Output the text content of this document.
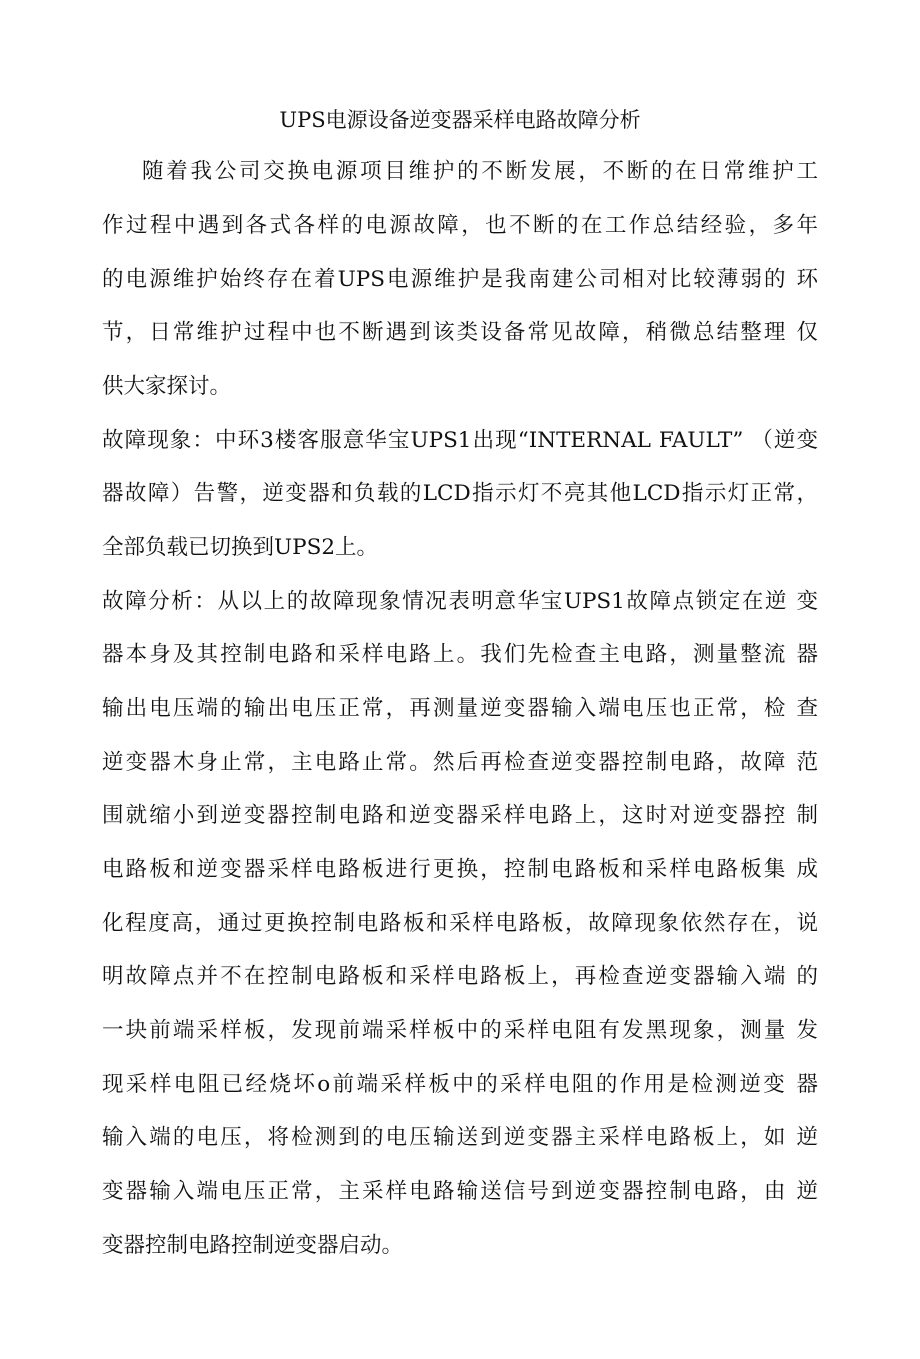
UPS电源设备逆变器采样电路故障分析
随着我公司交换电源项目维护的不断发展，不断的在日常维护工
作过程中遇到各式各样的电源故障，也不断的在工作总结经验，多年
的电源维护始终存在着UPS电源维护是我南建公司相对比较薄弱的 环
节，日常维护过程中也不断遇到该类设备常见故障，稍微总结整理 仅
供大家探讨。
故障现象：中环3楼客服意华宝UPS1出现“INTERNAL FAULT” （逆变
器故障）告警，逆变器和负载的LCD指示灯不亮其他LCD指示灯正常，
全部负载已切换到UPS2上。
故障分析：从以上的故障现象情况表明意华宝UPS1故障点锁定在逆 变
器本身及其控制电路和采样电路上。我们先检查主电路，测量整流 器
输出电压端的输出电压正常，再测量逆变器输入端电压也正常，检 查
逆变器木身止常，主电路止常。然后再检查逆变器控制电路，故障 范
围就缩小到逆变器控制电路和逆变器采样电路上，这时对逆变器控 制
电路板和逆变器采样电路板进行更换，控制电路板和采样电路板集 成
化程度高，通过更换控制电路板和采样电路板，故障现象依然存在，说
明故障点并不在控制电路板和采样电路板上，再检查逆变器输入端 的
一块前端采样板，发现前端采样板中的采样电阻有发黑现象，测量 发
现采样电阻已经烧坏o前端采样板中的采样电阻的作用是检测逆变 器
输入端的电压，将检测到的电压输送到逆变器主采样电路板上，如 逆
变器输入端电压正常，主采样电路输送信号到逆变器控制电路，由 逆
变器控制电路控制逆变器启动。
